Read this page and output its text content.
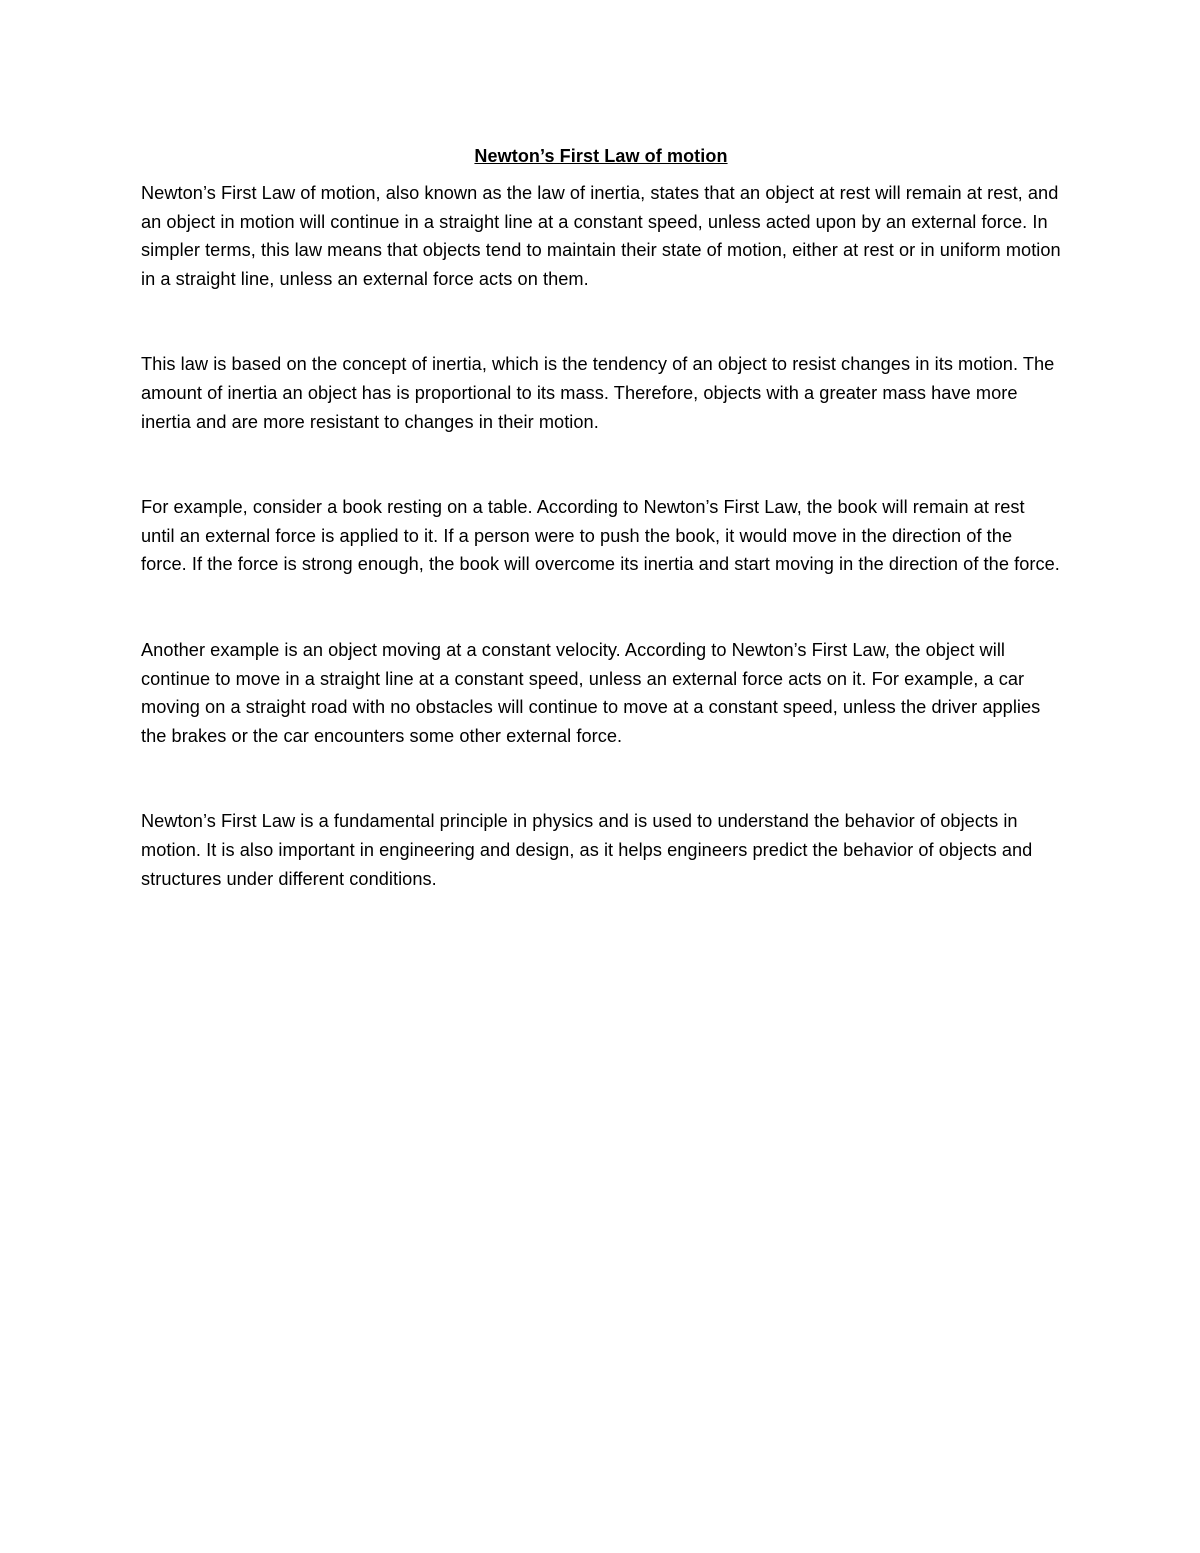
Newton’s First Law of motion

Newton’s First Law of motion, also known as the law of inertia, states that an object at rest will remain at rest, and an object in motion will continue in a straight line at a constant speed, unless acted upon by an external force. In simpler terms, this law means that objects tend to maintain their state of motion, either at rest or in uniform motion in a straight line, unless an external force acts on them.

This law is based on the concept of inertia, which is the tendency of an object to resist changes in its motion. The amount of inertia an object has is proportional to its mass. Therefore, objects with a greater mass have more inertia and are more resistant to changes in their motion.

For example, consider a book resting on a table. According to Newton’s First Law, the book will remain at rest until an external force is applied to it. If a person were to push the book, it would move in the direction of the force. If the force is strong enough, the book will overcome its inertia and start moving in the direction of the force.

Another example is an object moving at a constant velocity. According to Newton’s First Law, the object will continue to move in a straight line at a constant speed, unless an external force acts on it. For example, a car moving on a straight road with no obstacles will continue to move at a constant speed, unless the driver applies the brakes or the car encounters some other external force.

Newton’s First Law is a fundamental principle in physics and is used to understand the behavior of objects in motion. It is also important in engineering and design, as it helps engineers predict the behavior of objects and structures under different conditions.
